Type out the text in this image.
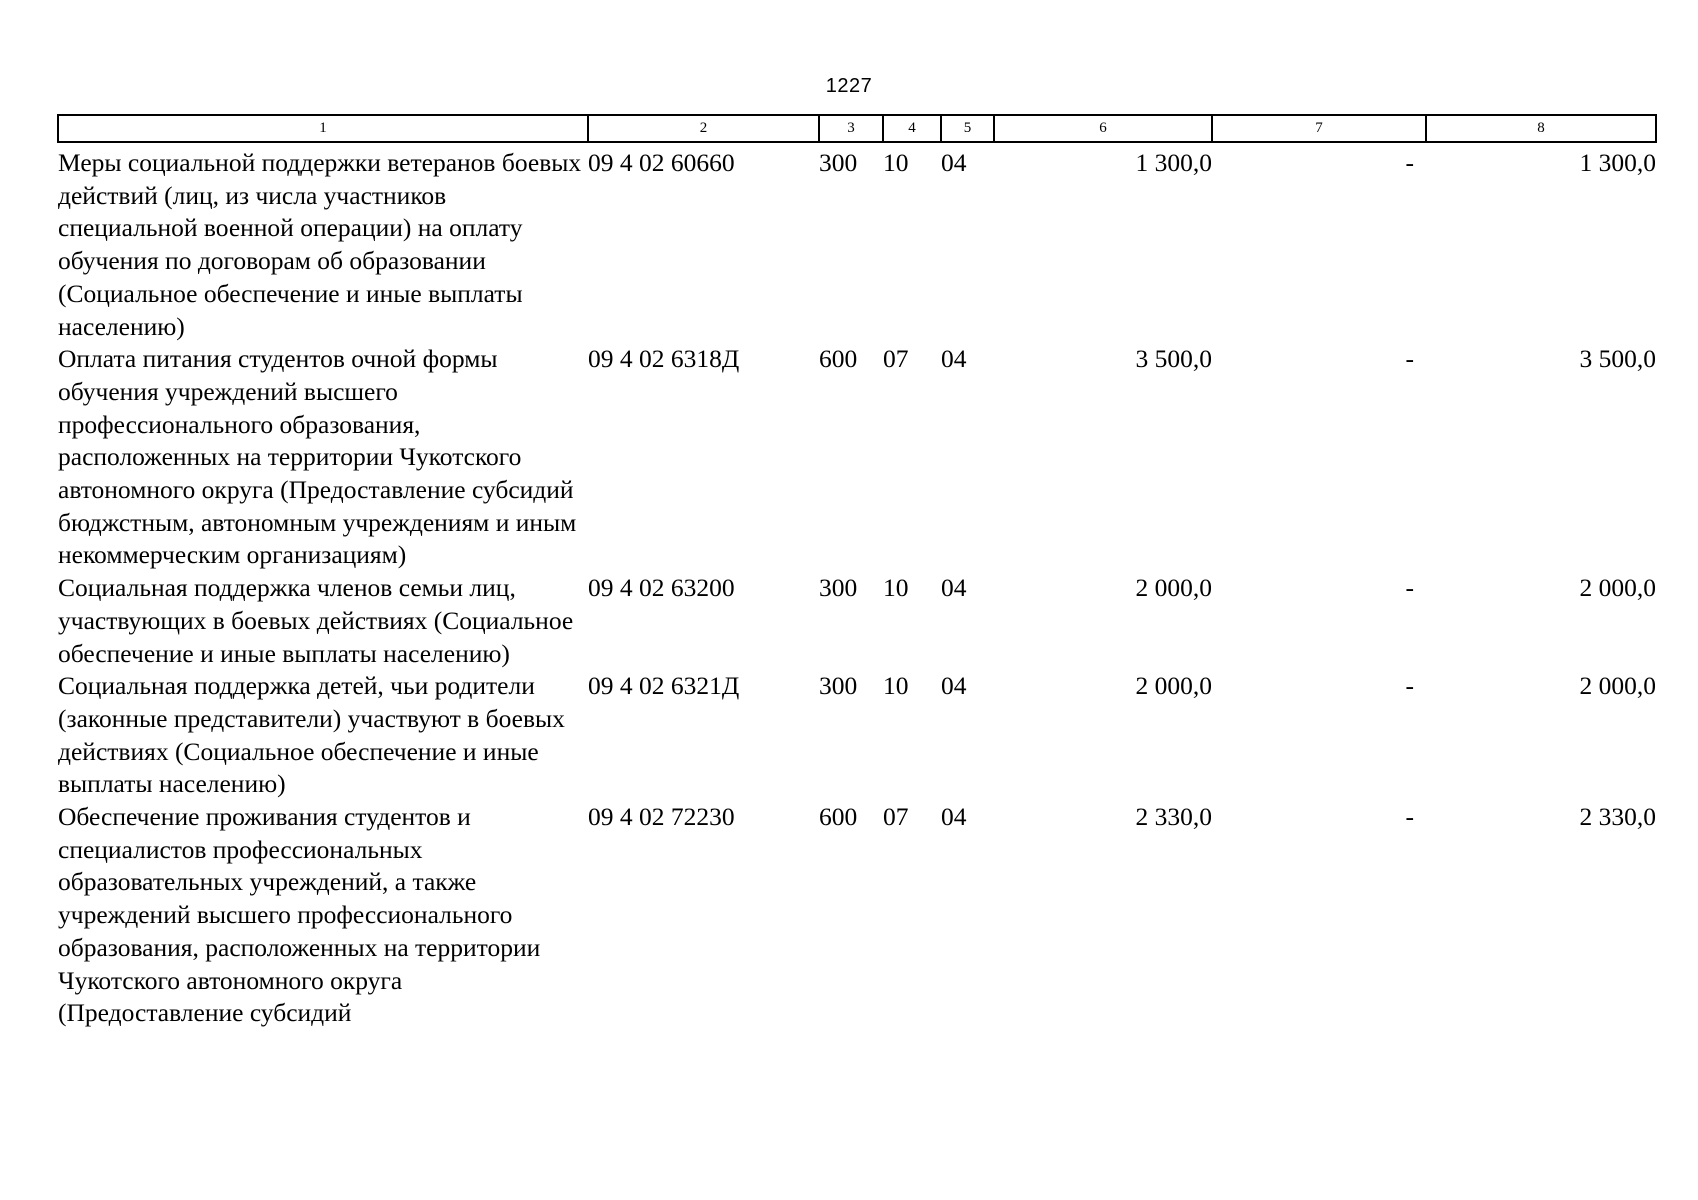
1227
1	2	3	4	5	6	7	8
Меры социальной поддержки ветеранов боевых действий (лиц, из числа участников специальной военной операции) на оплату обучения по договорам об образовании (Социальное обеспечение и иные выплаты населению)	09 4 02 60660	300	10	04	1 300,0	-	1 300,0
Оплата питания студентов очной формы обучения учреждений высшего профессионального образования, расположенных на территории Чукотского автономного округа (Предоставление субсидий бюджстным, автономным учреждениям и иным некоммерческим организациям)	09 4 02 6318Д	600	07	04	3 500,0	-	3 500,0
Социальная поддержка членов семьи лиц, участвующих в боевых действиях (Социальное обеспечение и иные выплаты населению)	09 4 02 63200	300	10	04	2 000,0	-	2 000,0
Социальная поддержка детей, чьи родители (законные представители) участвуют в боевых действиях (Социальное обеспечение и иные выплаты населению)	09 4 02 6321Д	300	10	04	2 000,0	-	2 000,0
Обеспечение проживания студентов и специалистов профессиональных образовательных учреждений, а также учреждений высшего профессионального образования, расположенных на территории Чукотского автономного округа (Предоставление субсидий	09 4 02 72230	600	07	04	2 330,0	-	2 330,0
